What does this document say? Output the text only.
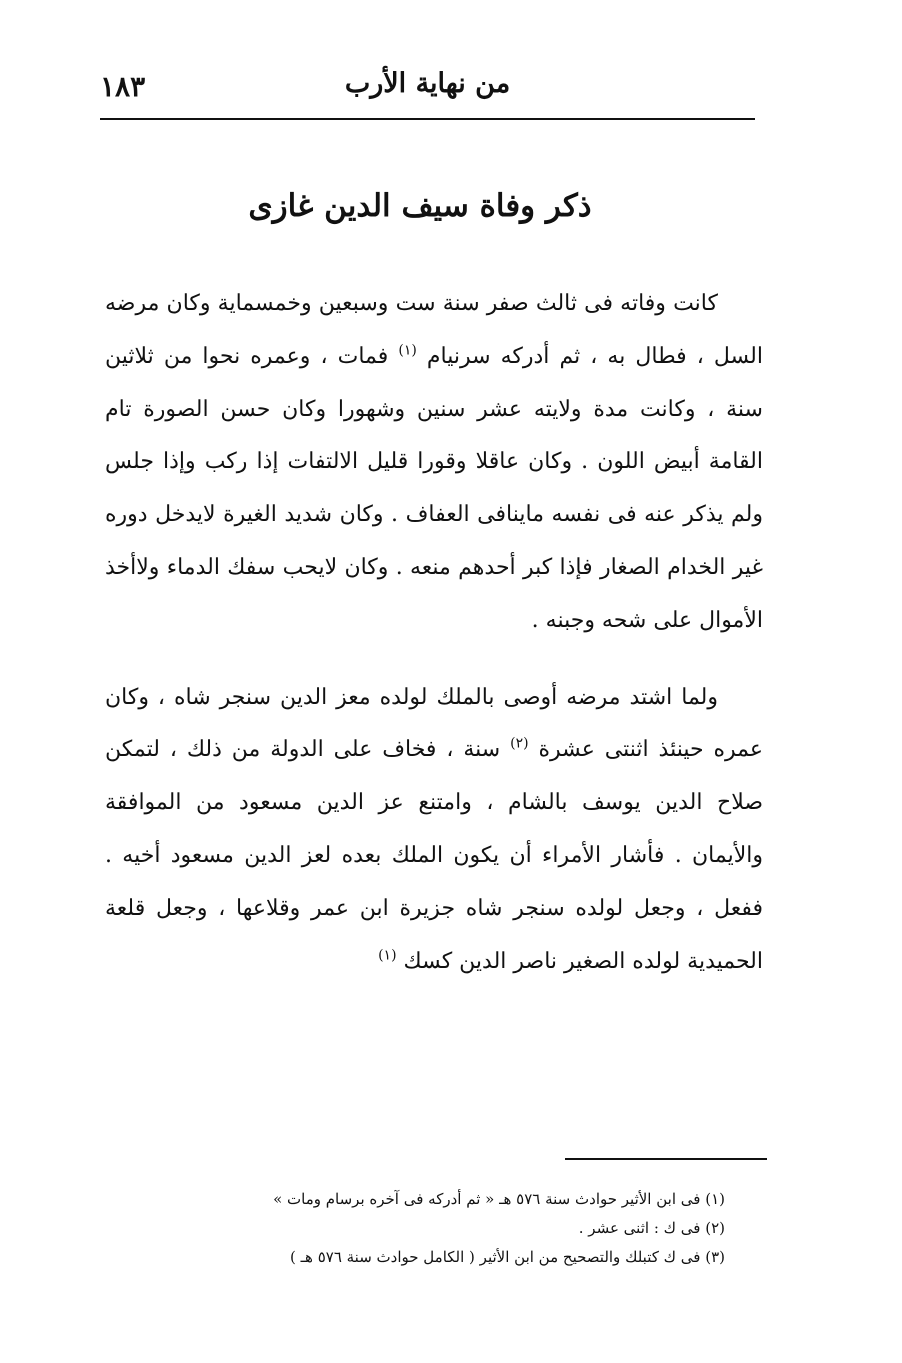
١٨٣	من نهاية الأرب
ذكر وفاة سيف الدين غازى

كانت وفاته فى ثالث صفر سنة ست وسبعين وخمسماية وكان مرضه السل ، فطال به ، ثم أدركه سرنيام $^{(١)}$ فمات ، وعمره نحوا من ثلاثين سنة ، وكانت مدة ولايته عشر سنين وشهورا وكان حسن الصورة تام القامة أبيض اللون . وكان عاقلا وقورا قليل الالتفات إذا ركب وإذا جلس ولم يذكر عنه فى نفسه ماينافى العفاف . وكان شديد الغيرة لايدخل دوره غير الخدام الصغار فإذا كبر أحدهم منعه . وكان لايحب سفك الدماء ولاأخذ الأموال على شحه وجبنه .

ولما اشتد مرضه أوصى بالملك لولده معز الدين سنجر شاه ، وكان عمره حينئذ اثنتى عشرة $^{(٢)}$ سنة ، فخاف على الدولة من ذلك ، لتمكن صلاح الدين يوسف بالشام ، وامتنع عز الدين مسعود من الموافقة والأيمان . فأشار الأمراء أن يكون الملك بعده لعز الدين مسعود أخيه . ففعل ، وجعل لولده سنجر شاه جزيرة ابن عمر وقلاعها ، وجعل قلعة الحميدية لولده الصغير ناصر الدين كسك $^{(١)}$

(١) فى ابن الأثير حوادث سنة ٥٧٦ هـ « ثم أدركه فى آخره برسام ومات »

(٢) فى ك : اثنى عشر .

(٣) فى ك كتبلك والتصحيح من ابن الأثير ( الكامل حوادث سنة ٥٧٦ هـ )
